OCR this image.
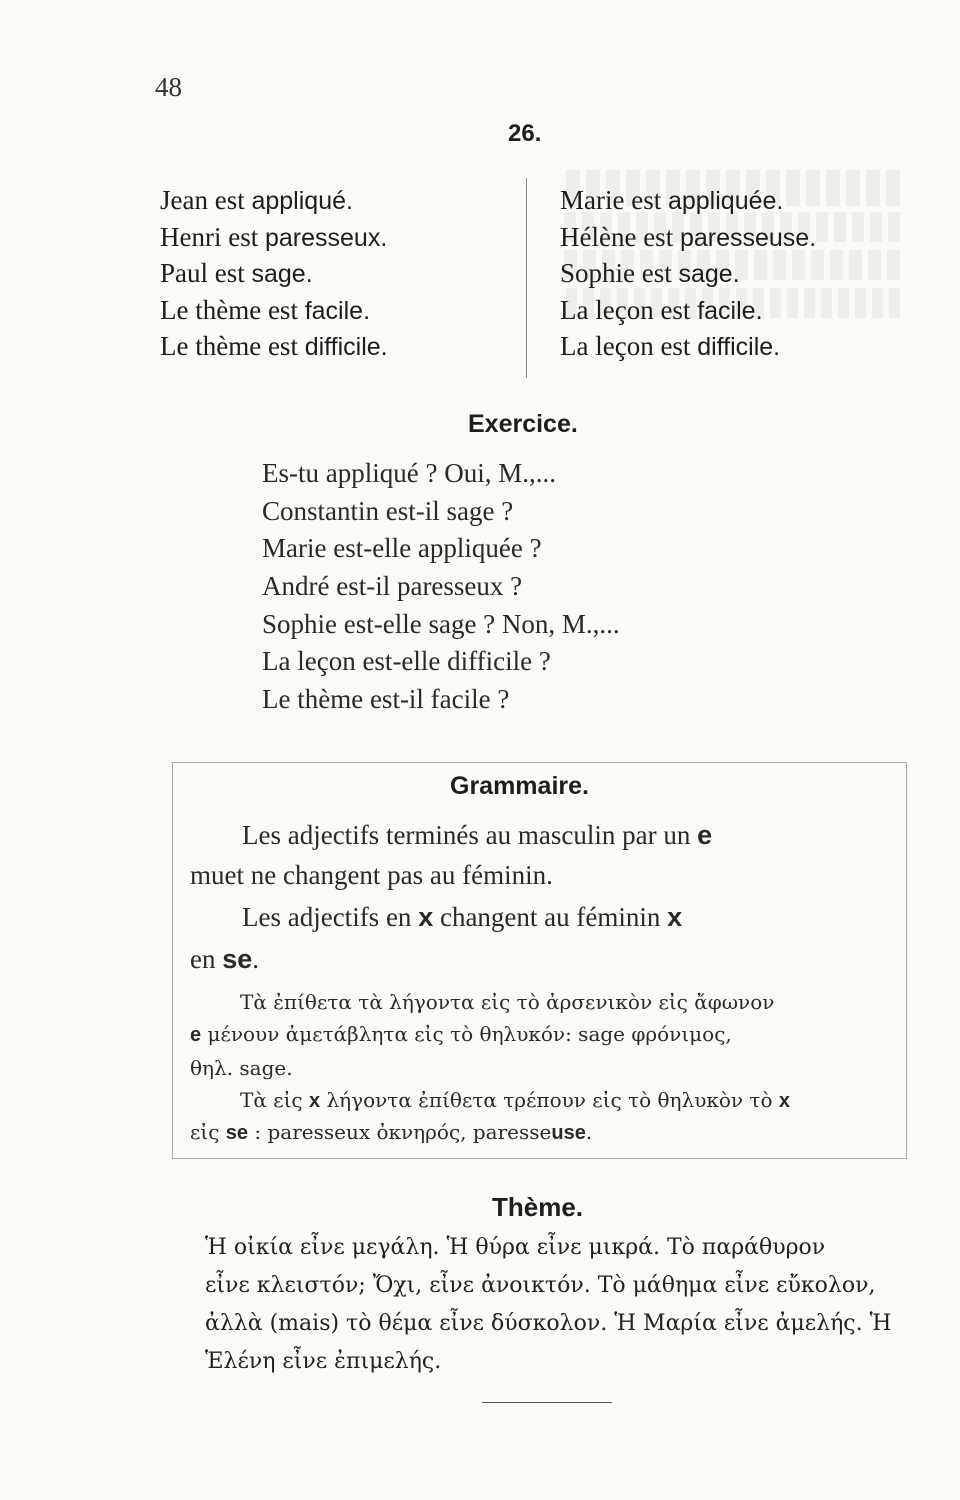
48
26.
Jean est appliqué.
Henri est paresseux.
Paul est sage.
Le thème est facile.
Le thème est difficile.
Marie est appliquée.
Hélène est paresseuse.
Sophie est sage.
La leçon est facile.
La leçon est difficile.
Exercice.
Es-tu appliqué ? Oui, M.,...
Constantin est-il sage ?
Marie est-elle appliquée ?
André est-il paresseux ?
Sophie est-elle sage ? Non, M.,...
La leçon est-elle difficile ?
Le thème est-il facile ?
Grammaire.
Les adjectifs terminés au masculin par un e
muet ne changent pas au féminin.
Les adjectifs en x changent au féminin x
en se.
Τὰ ἐπίθετα τὰ λήγοντα εἰς τὸ ἀρσενικὸν εἰς ἄφωνον
e μένουν ἀμετάβλητα εἰς τὸ θηλυκόν: sage φρόνιμος,
θηλ. sage.
Τὰ εἰς x λήγοντα ἐπίθετα τρέπουν εἰς τὸ θηλυκὸν τὸ x
εἰς se : paresseux ὀκνηρός, paresseuse.
Thème.
Ἡ οἰκία εἶνε μεγάλη. Ἡ θύρα εἶνε μικρά. Τὸ παράθυρον
εἶνε κλειστόν; Ὄχι, εἶνε ἀνοικτόν. Τὸ μάθημα εἶνε εὔκολον,
ἀλλὰ (mais) τὸ θέμα εἶνε δύσκολον. Ἡ Μαρία εἶνε ἀμελής. Ἡ
Ἑλένη εἶνε ἐπιμελής.
